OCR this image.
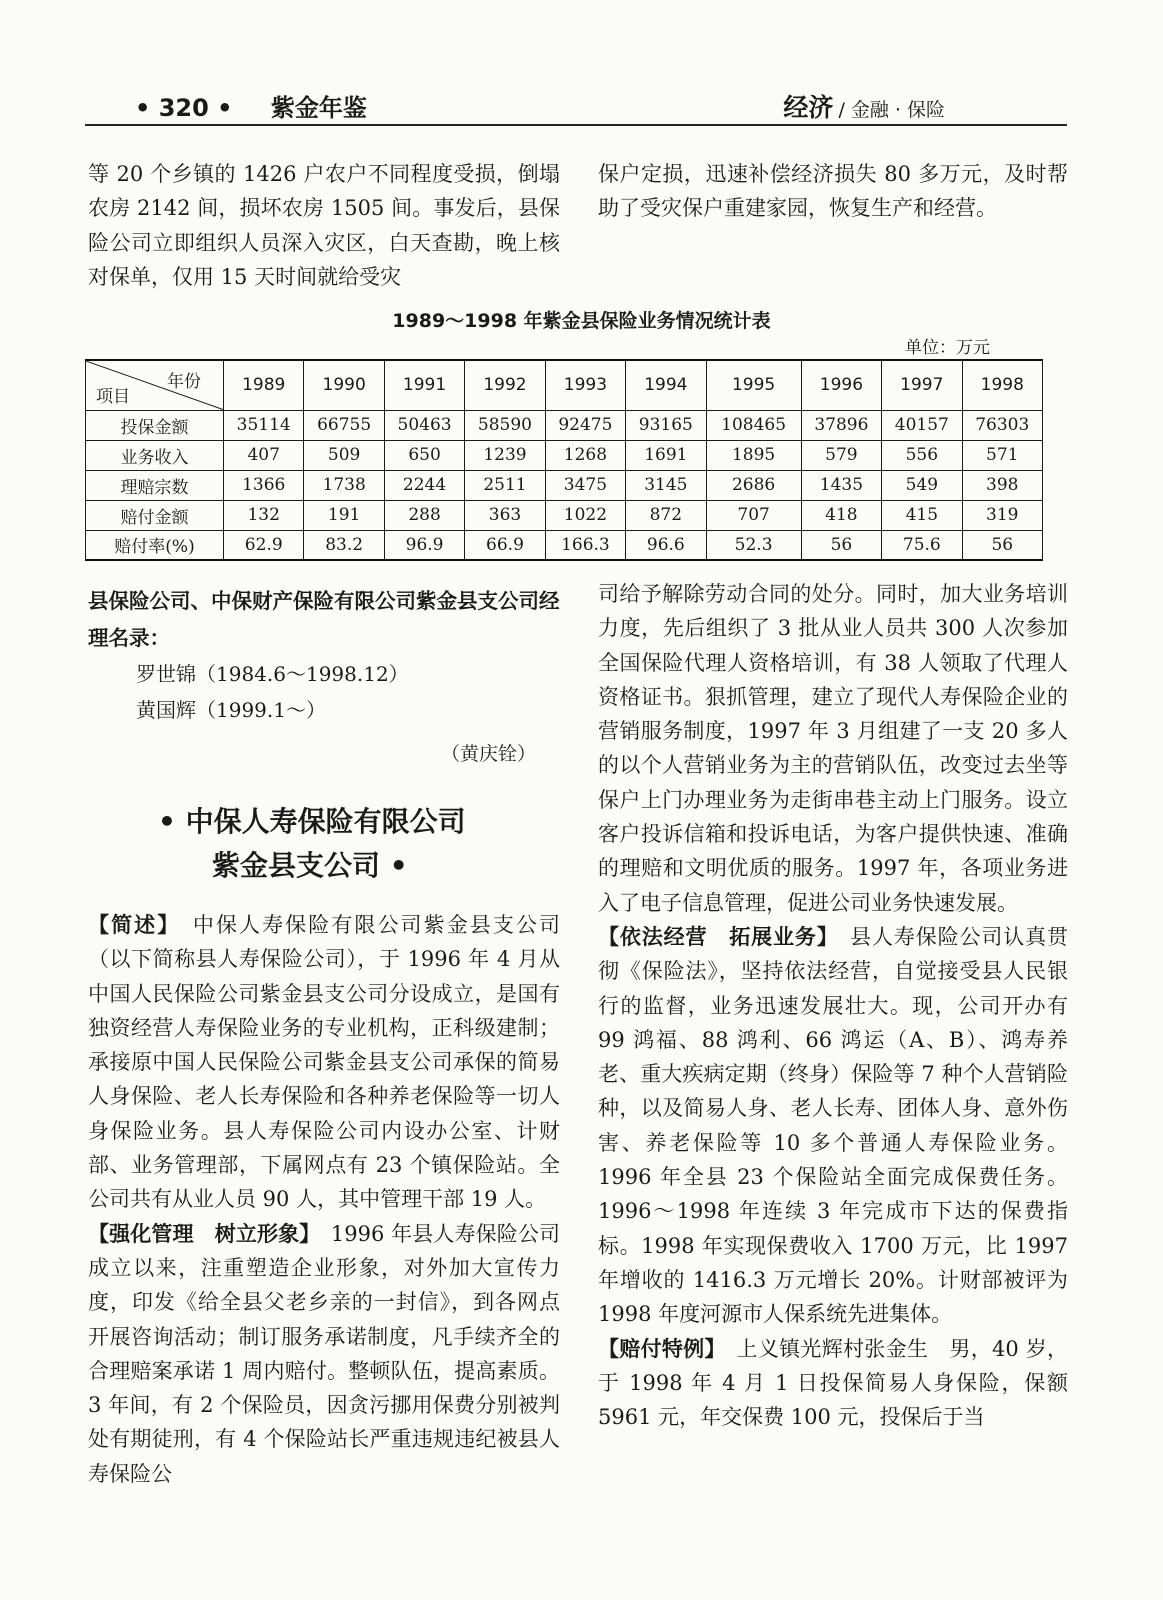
• 320 • 紫金年鉴	经济 / 金融 · 保险

等 20 个乡镇的 1426 户农户不同程度受损，倒塌农房 2142 间，损坏农房 1505 间。事发后，县保险公司立即组织人员深入灾区，白天查勘，晚上核对保单，仅用 15 天时间就给受灾

保户定损，迅速补偿经济损失 80 多万元，及时帮助了受灾保户重建家园，恢复生产和经营。

1989～1998 年紫金县保险业务情况统计表
单位：万元
年份
项目	1989	1990	1991	1992	1993	1994	1995	1996	1997	1998
投保金额	35114	66755	50463	58590	92475	93165	108465	37896	40157	76303
业务收入	407	509	650	1239	1268	1691	1895	579	556	571
理赔宗数	1366	1738	2244	2511	3475	3145	2686	1435	549	398
赔付金额	132	191	288	363	1022	872	707	418	415	319
赔付率(%)	62.9	83.2	96.9	66.9	166.3	96.6	52.3	56	75.6	56
县保险公司、中保财产保险有限公司紫金县支公司经理名录：
罗世锦（1984.6～1998.12）
黄国辉（1999.1～）
（黄庆铨）
• 中保人寿保险有限公司
紫金县支公司 •

【简述】　中保人寿保险有限公司紫金县支公司（以下简称县人寿保险公司），于 1996 年 4 月从中国人民保险公司紫金县支公司分设成立，是国有独资经营人寿保险业务的专业机构，正科级建制；承接原中国人民保险公司紫金县支公司承保的简易人身保险、老人长寿保险和各种养老保险等一切人身保险业务。县人寿保险公司内设办公室、计财部、业务管理部，下属网点有 23 个镇保险站。全公司共有从业人员 90 人，其中管理干部 19 人。

【强化管理　树立形象】　1996 年县人寿保险公司成立以来，注重塑造企业形象，对外加大宣传力度，印发《给全县父老乡亲的一封信》，到各网点开展咨询活动；制订服务承诺制度，凡手续齐全的合理赔案承诺 1 周内赔付。整顿队伍，提高素质。3 年间，有 2 个保险员，因贪污挪用保费分别被判处有期徒刑，有 4 个保险站长严重违规违纪被县人寿保险公

司给予解除劳动合同的处分。同时，加大业务培训力度，先后组织了 3 批从业人员共 300 人次参加全国保险代理人资格培训，有 38 人领取了代理人资格证书。狠抓管理，建立了现代人寿保险企业的营销服务制度，1997 年 3 月组建了一支 20 多人的以个人营销业务为主的营销队伍，改变过去坐等保户上门办理业务为走街串巷主动上门服务。设立客户投诉信箱和投诉电话，为客户提供快速、准确的理赔和文明优质的服务。1997 年，各项业务进入了电子信息管理，促进公司业务快速发展。

【依法经营　拓展业务】　县人寿保险公司认真贯彻《保险法》，坚持依法经营，自觉接受县人民银行的监督，业务迅速发展壮大。现，公司开办有 99 鸿福、88 鸿利、66 鸿运（A、B）、鸿寿养老、重大疾病定期（终身）保险等 7 种个人营销险种，以及简易人身、老人长寿、团体人身、意外伤害、养老保险等 10 多个普通人寿保险业务。1996 年全县 23 个保险站全面完成保费任务。1996～1998 年连续 3 年完成市下达的保费指标。1998 年实现保费收入 1700 万元，比 1997 年增收的 1416.3 万元增长 20%。计财部被评为 1998 年度河源市人保系统先进集体。

【赔付特例】　上义镇光辉村张金生　男，40 岁，于 1998 年 4 月 1 日投保简易人身保险，保额 5961 元，年交保费 100 元，投保后于当
